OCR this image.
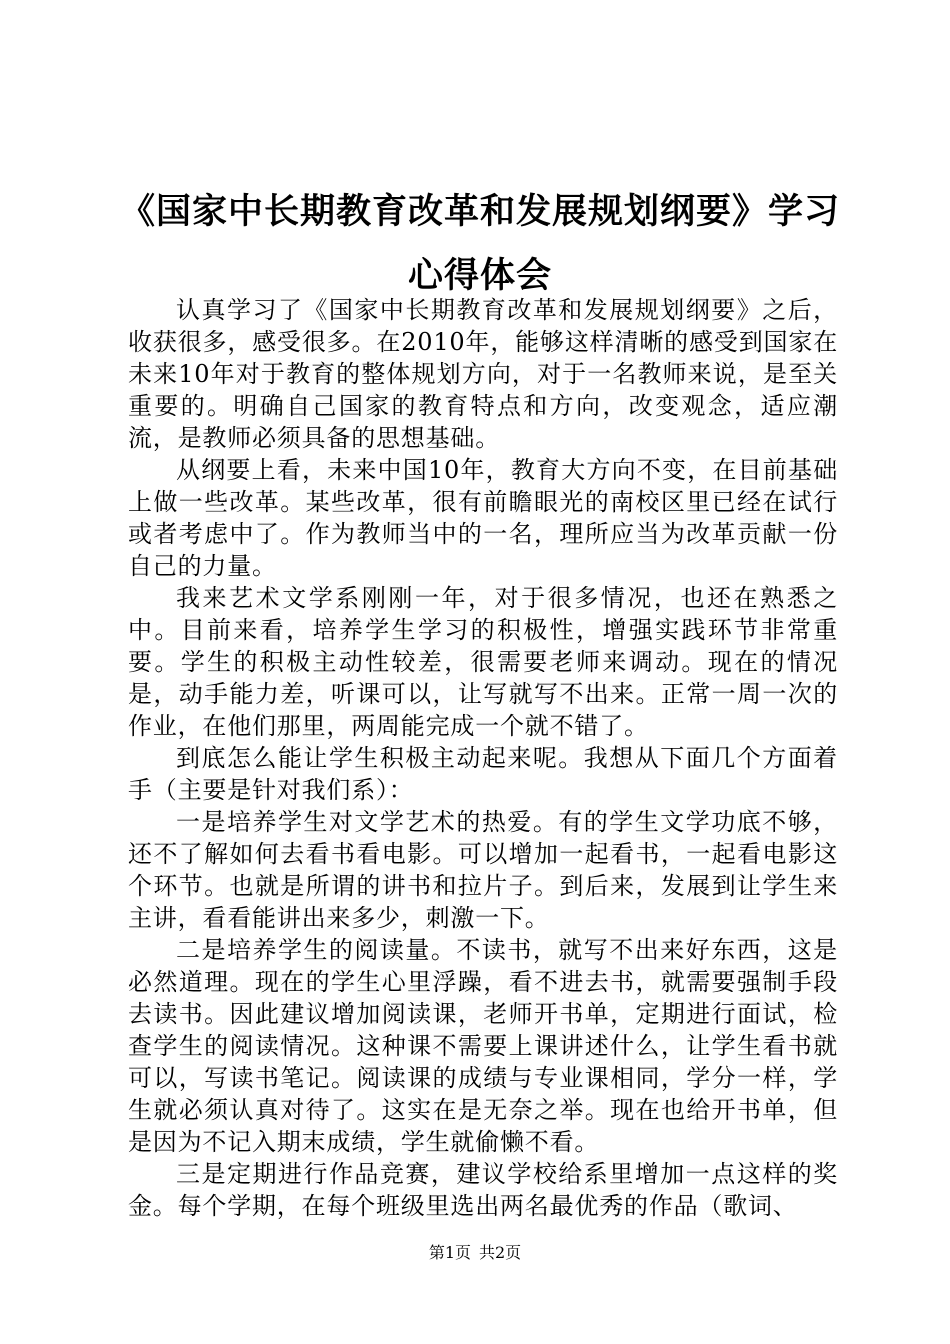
《国家中长期教育改革和发展规划纲要》学习
心得体会

认真学习了《国家中长期教育改革和发展规划纲要》之后，收获很多，感受很多。在2010年，能够这样清晰的感受到国家在未来10年对于教育的整体规划方向，对于一名教师来说，是至关重要的。明确自己国家的教育特点和方向，改变观念，适应潮流，是教师必须具备的思想基础。

从纲要上看，未来中国10年，教育大方向不变，在目前基础上做一些改革。某些改革，很有前瞻眼光的南校区里已经在试行或者考虑中了。作为教师当中的一名，理所应当为改革贡献一份自己的力量。

我来艺术文学系刚刚一年，对于很多情况，也还在熟悉之中。目前来看，培养学生学习的积极性，增强实践环节非常重要。学生的积极主动性较差，很需要老师来调动。现在的情况是，动手能力差，听课可以，让写就写不出来。正常一周一次的作业，在他们那里，两周能完成一个就不错了。

到底怎么能让学生积极主动起来呢。我想从下面几个方面着手（主要是针对我们系）：

一是培养学生对文学艺术的热爱。有的学生文学功底不够，还不了解如何去看书看电影。可以增加一起看书，一起看电影这个环节。也就是所谓的讲书和拉片子。到后来，发展到让学生来主讲，看看能讲出来多少，刺激一下。

二是培养学生的阅读量。不读书，就写不出来好东西，这是必然道理。现在的学生心里浮躁，看不进去书，就需要强制手段去读书。因此建议增加阅读课，老师开书单，定期进行面试，检查学生的阅读情况。这种课不需要上课讲述什么，让学生看书就可以，写读书笔记。阅读课的成绩与专业课相同，学分一样，学生就必须认真对待了。这实在是无奈之举。现在也给开书单，但是因为不记入期末成绩，学生就偷懒不看。

三是定期进行作品竞赛，建议学校给系里增加一点这样的奖金。每个学期，在每个班级里选出两名最优秀的作品（歌词、

第1页 共2页
